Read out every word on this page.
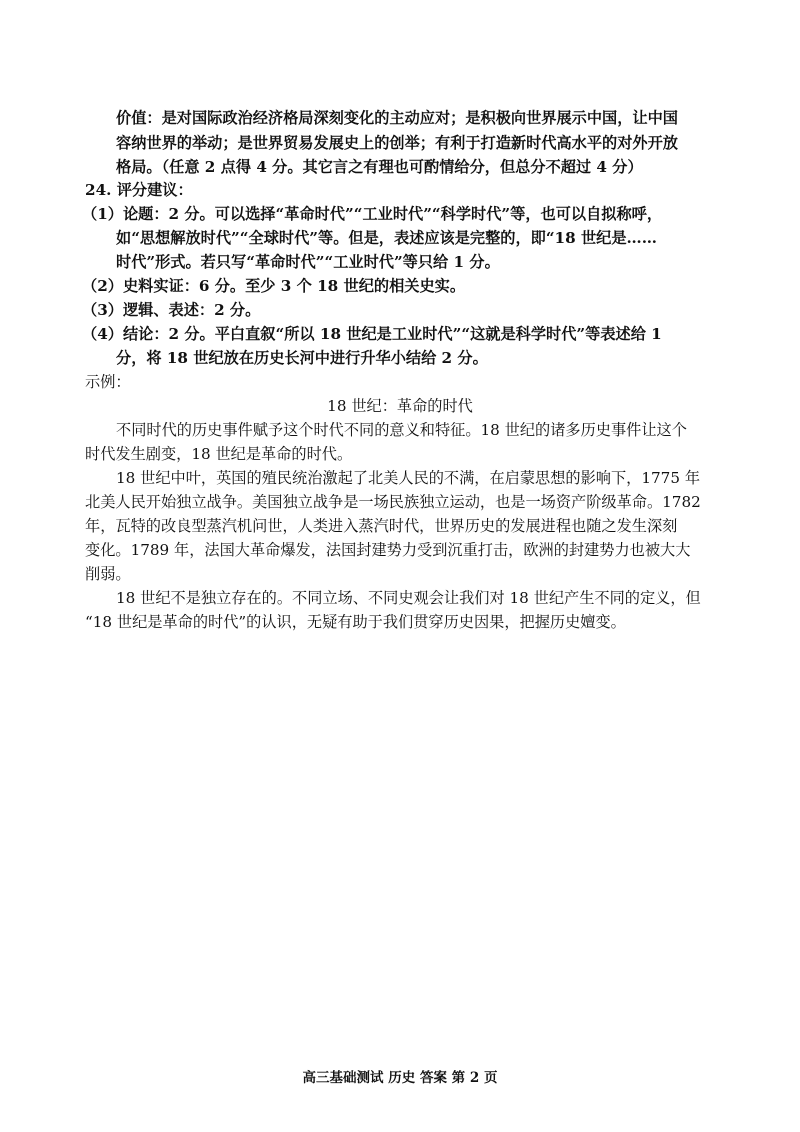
价值：是对国际政治经济格局深刻变化的主动应对；是积极向世界展示中国，让中国
容纳世界的举动；是世界贸易发展史上的创举；有利于打造新时代高水平的对外开放
格局。（任意 2 点得 4 分。其它言之有理也可酌情给分，但总分不超过 4 分）
24. 评分建议：
（1）论题：2 分。可以选择“革命时代”“工业时代”“科学时代”等，也可以自拟称呼，
如“思想解放时代”“全球时代”等。但是，表述应该是完整的，即“18 世纪是……
时代”形式。若只写“革命时代”“工业时代”等只给 1 分。
（2）史料实证：6 分。至少 3 个 18 世纪的相关史实。
（3）逻辑、表述：2 分。
（4）结论：2 分。平白直叙“所以 18 世纪是工业时代”“这就是科学时代”等表述给 1
分，将 18 世纪放在历史长河中进行升华小结给 2 分。
示例：
18 世纪：革命的时代
不同时代的历史事件赋予这个时代不同的意义和特征。18 世纪的诸多历史事件让这个
时代发生剧变，18 世纪是革命的时代。
18 世纪中叶，英国的殖民统治激起了北美人民的不满，在启蒙思想的影响下，1775 年
北美人民开始独立战争。美国独立战争是一场民族独立运动，也是一场资产阶级革命。1782
年，瓦特的改良型蒸汽机问世，人类进入蒸汽时代，世界历史的发展进程也随之发生深刻
变化。1789 年，法国大革命爆发，法国封建势力受到沉重打击，欧洲的封建势力也被大大
削弱。
18 世纪不是独立存在的。不同立场、不同史观会让我们对 18 世纪产生不同的定义，但
“18 世纪是革命的时代”的认识，无疑有助于我们贯穿历史因果，把握历史嬗变。
高三基础测试 历史 答案 第 2 页
